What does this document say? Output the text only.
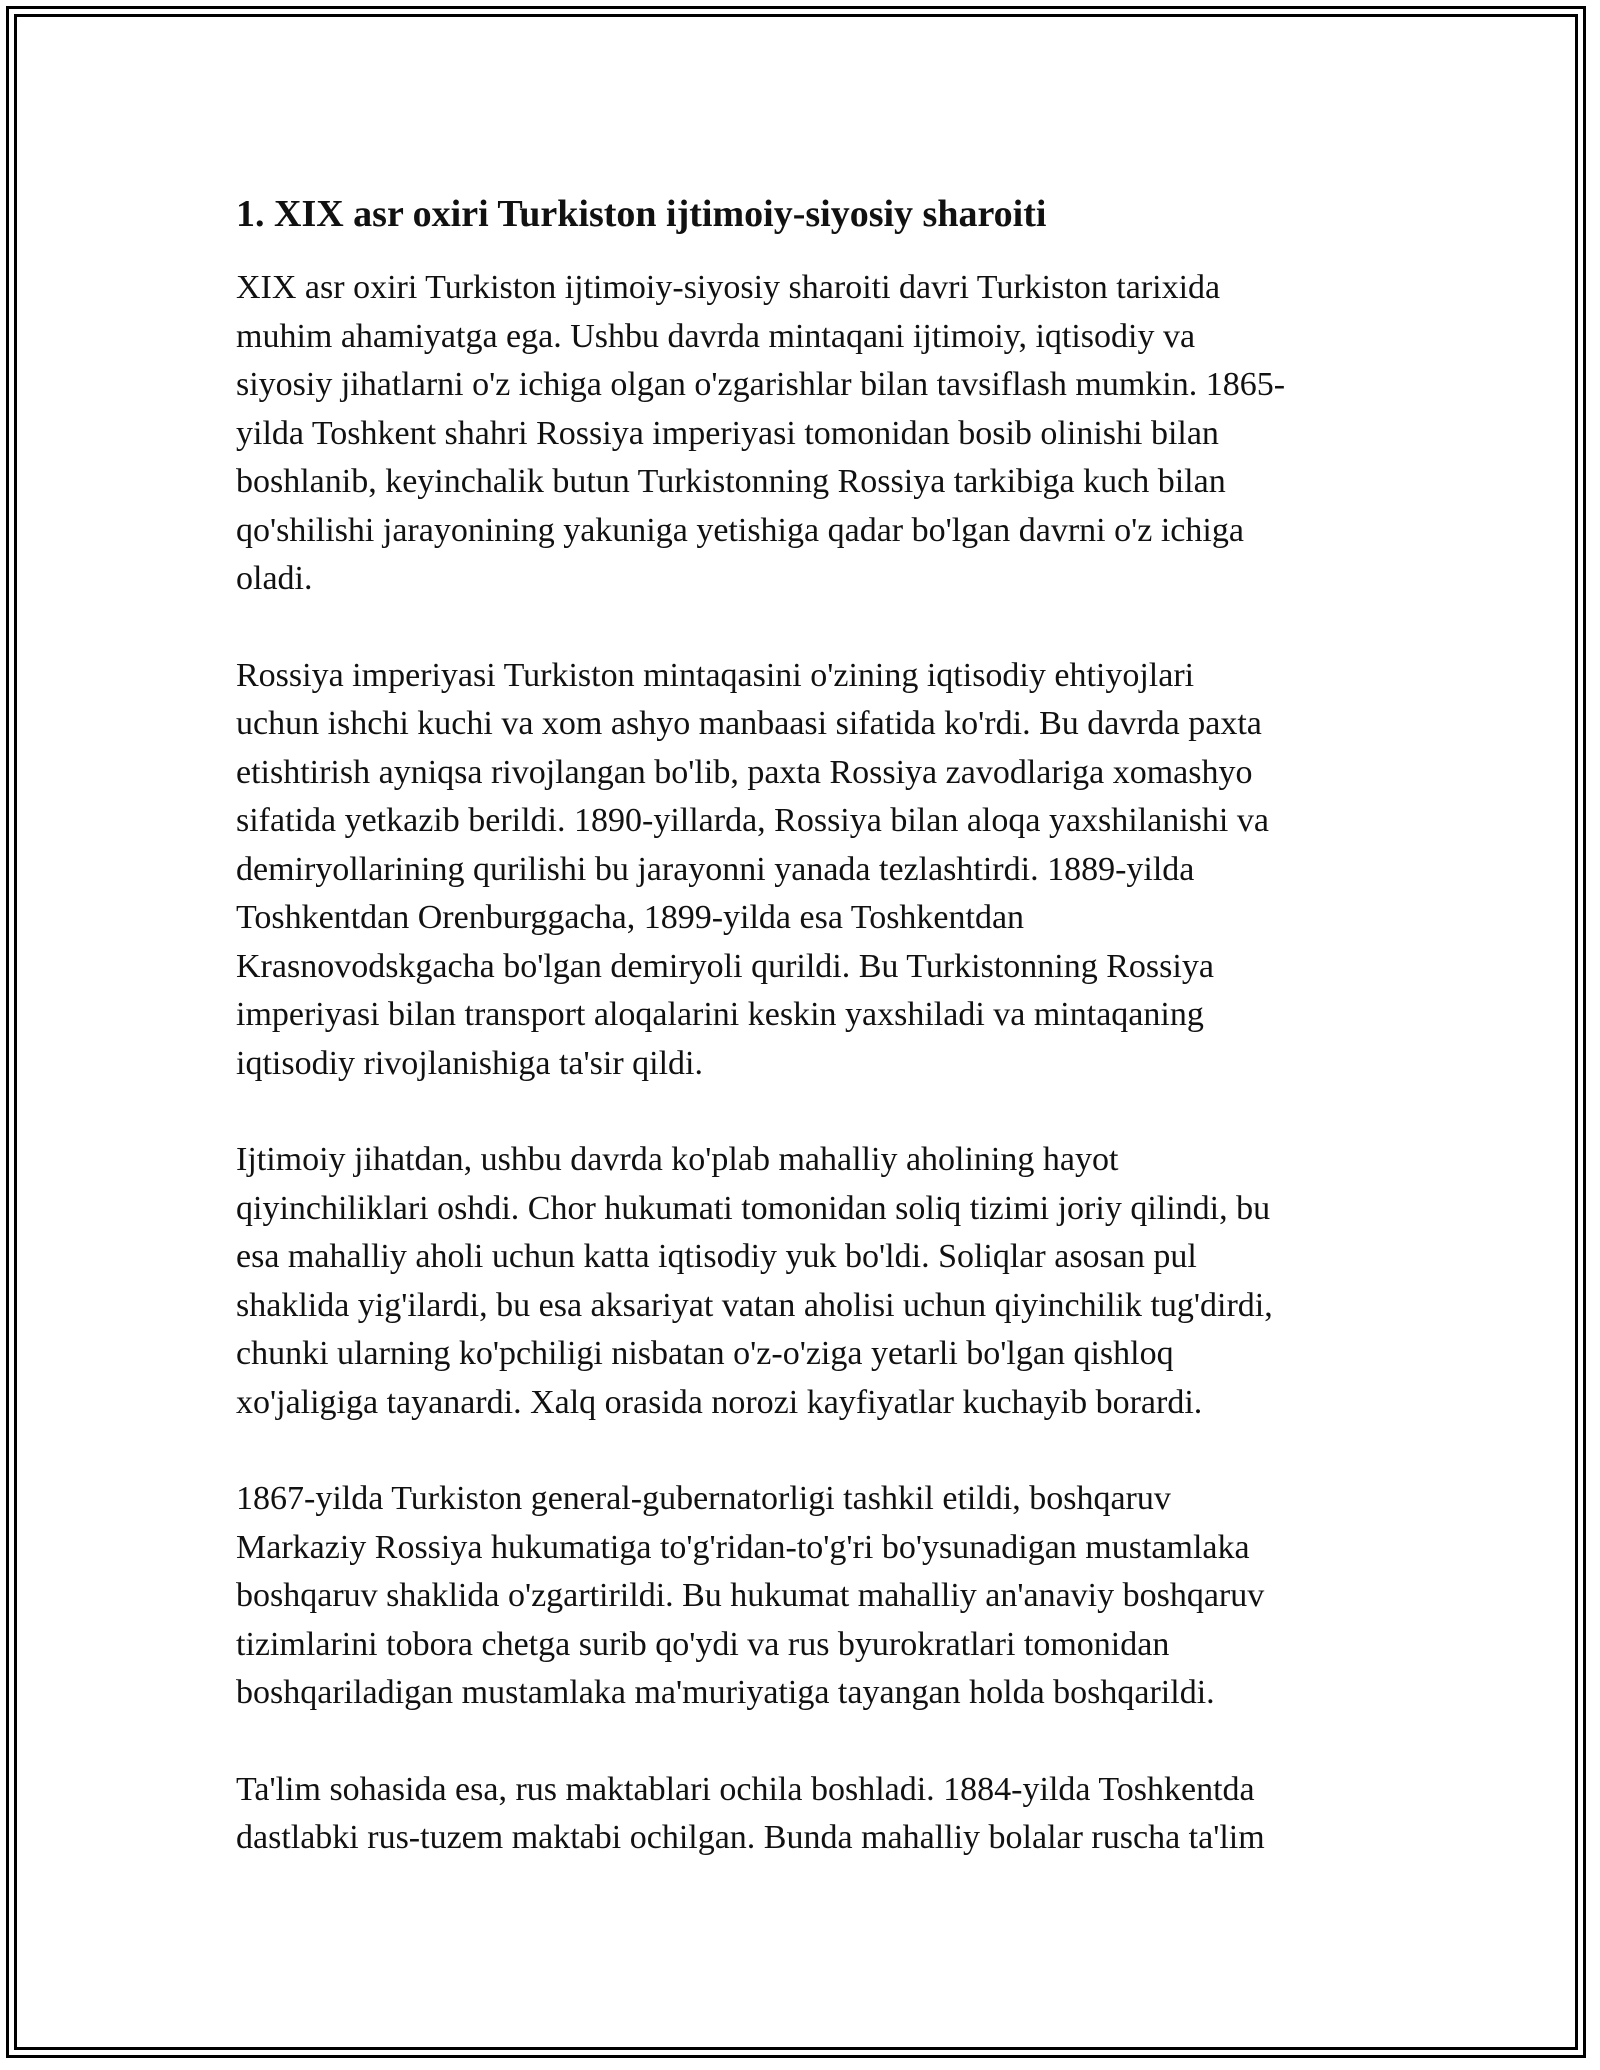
1. XIX asr oxiri Turkiston ijtimoiy-siyosiy sharoiti

XIX asr oxiri Turkiston ijtimoiy-siyosiy sharoiti davri Turkiston tarixida
muhim ahamiyatga ega. Ushbu davrda mintaqani ijtimoiy, iqtisodiy va
siyosiy jihatlarni o'z ichiga olgan o'zgarishlar bilan tavsiflash mumkin. 1865-
yilda Toshkent shahri Rossiya imperiyasi tomonidan bosib olinishi bilan
boshlanib, keyinchalik butun Turkistonning Rossiya tarkibiga kuch bilan
qo'shilishi jarayonining yakuniga yetishiga qadar bo'lgan davrni o'z ichiga
oladi.

Rossiya imperiyasi Turkiston mintaqasini o'zining iqtisodiy ehtiyojlari
uchun ishchi kuchi va xom ashyo manbaasi sifatida ko'rdi. Bu davrda paxta
etishtirish ayniqsa rivojlangan bo'lib, paxta Rossiya zavodlariga xomashyo
sifatida yetkazib berildi. 1890-yillarda, Rossiya bilan aloqa yaxshilanishi va
demiryollarining qurilishi bu jarayonni yanada tezlashtirdi. 1889-yilda
Toshkentdan Orenburggacha, 1899-yilda esa Toshkentdan
Krasnovodskgacha bo'lgan demiryoli qurildi. Bu Turkistonning Rossiya
imperiyasi bilan transport aloqalarini keskin yaxshiladi va mintaqaning
iqtisodiy rivojlanishiga ta'sir qildi.

Ijtimoiy jihatdan, ushbu davrda ko'plab mahalliy aholining hayot
qiyinchiliklari oshdi. Chor hukumati tomonidan soliq tizimi joriy qilindi, bu
esa mahalliy aholi uchun katta iqtisodiy yuk bo'ldi. Soliqlar asosan pul
shaklida yig'ilardi, bu esa aksariyat vatan aholisi uchun qiyinchilik tug'dirdi,
chunki ularning ko'pchiligi nisbatan o'z-o'ziga yetarli bo'lgan qishloq
xo'jaligiga tayanardi. Xalq orasida norozi kayfiyatlar kuchayib borardi.

1867-yilda Turkiston general-gubernatorligi tashkil etildi, boshqaruv
Markaziy Rossiya hukumatiga to'g'ridan-to'g'ri bo'ysunadigan mustamlaka
boshqaruv shaklida o'zgartirildi. Bu hukumat mahalliy an'anaviy boshqaruv
tizimlarini tobora chetga surib qo'ydi va rus byurokratlari tomonidan
boshqariladigan mustamlaka ma'muriyatiga tayangan holda boshqarildi.

Ta'lim sohasida esa, rus maktablari ochila boshladi. 1884-yilda Toshkentda
dastlabki rus-tuzem maktabi ochilgan. Bunda mahalliy bolalar ruscha ta'lim
